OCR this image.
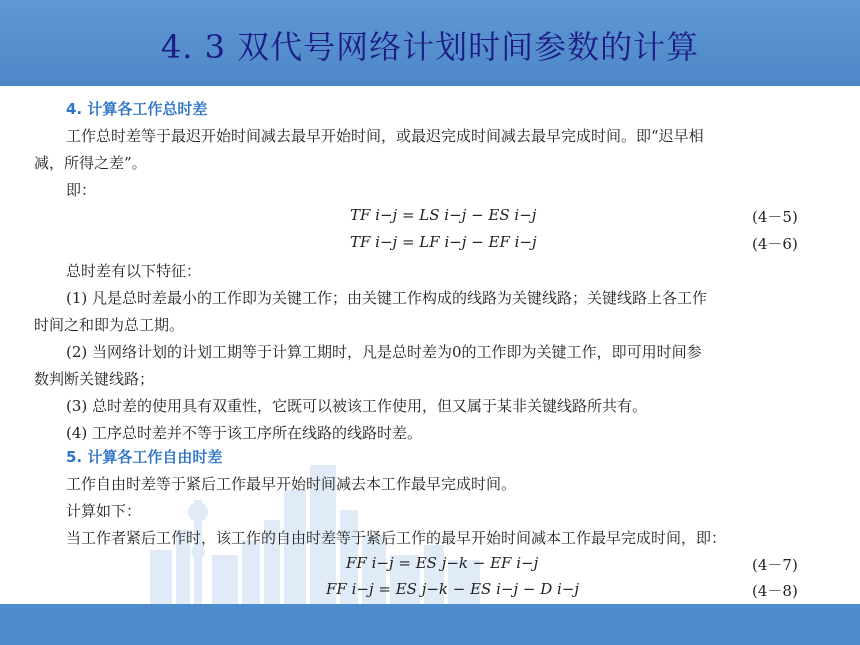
4. 3 双代号网络计划时间参数的计算
4. 计算各工作总时差
工作总时差等于最迟开始时间减去最早开始时间，或最迟完成时间减去最早完成时间。即“迟早相
减，所得之差”。
即：
TF i−j = LS i−j − ES i−j	(4－5)
TF i−j = LF i−j − EF i−j	(4－6)
总时差有以下特征：
(1) 凡是总时差最小的工作即为关键工作；由关键工作构成的线路为关键线路；关键线路上各工作
时间之和即为总工期。
(2) 当网络计划的计划工期等于计算工期时，凡是总时差为0的工作即为关键工作，即可用时间参
数判断关键线路；
(3) 总时差的使用具有双重性，它既可以被该工作使用，但又属于某非关键线路所共有。
(4) 工序总时差并不等于该工序所在线路的线路时差。
5. 计算各工作自由时差
工作自由时差等于紧后工作最早开始时间减去本工作最早完成时间。
计算如下：
当工作者紧后工作时，该工作的自由时差等于紧后工作的最早开始时间减本工作最早完成时间，即：
FF i−j = ES j−k − EF i−j	(4－7)
FF i−j = ES j−k − ES i−j − D i−j	(4－8)
